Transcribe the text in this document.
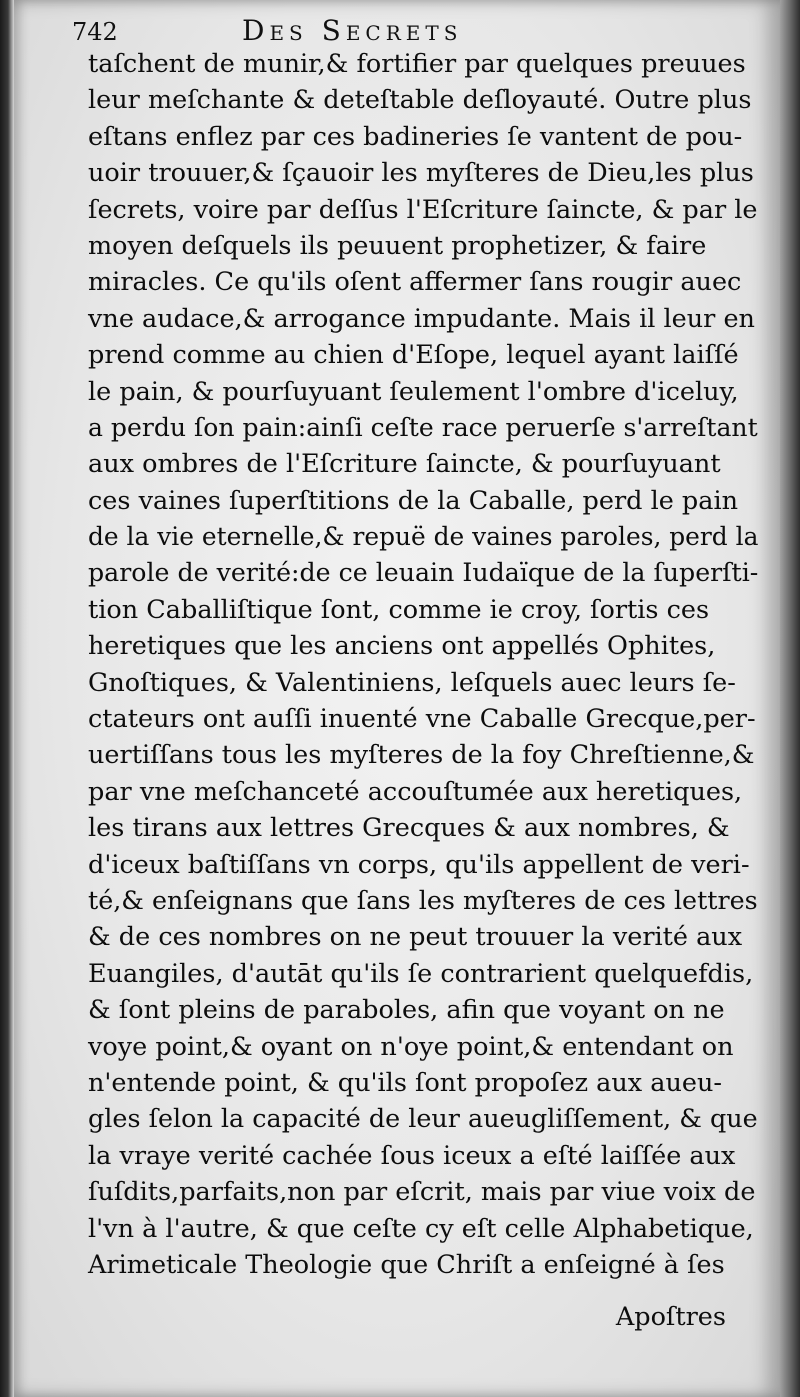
742	Des Secrets
taſchent de munir,& fortifier par quelques preuues
leur meſchante & deteſtable deſloyauté. Outre plus
eſtans enflez par ces badineries ſe vantent de pou-
uoir trouuer,& ſçauoir les myſteres de Dieu,les plus
ſecrets, voire par deſſus l'Eſcriture ſaincte, & par le
moyen deſquels ils peuuent prophetizer, & faire
miracles. Ce qu'ils oſent affermer ſans rougir auec
vne audace,& arrogance impudante. Mais il leur en
prend comme au chien d'Eſope, lequel ayant laiſſé
le pain, & pourſuyuant ſeulement l'ombre d'iceluy,
a perdu ſon pain:ainſi ceſte race peruerſe s'arreſtant
aux ombres de l'Eſcriture ſaincte, & pourſuyuant
ces vaines ſuperſtitions de la Caballe, perd le pain
de la vie eternelle,& repuë de vaines paroles, perd la
parole de verité:de ce leuain Iudaïque de la ſuperſti-
tion Caballiſtique ſont, comme ie croy, ſortis ces
heretiques que les anciens ont appellés Ophites,
Gnoſtiques, & Valentiniens, leſquels auec leurs ſe-
ctateurs ont auſſi inuenté vne Caballe Grecque,per-
uertiſſans tous les myſteres de la foy Chreſtienne,&
par vne meſchanceté accouſtumée aux heretiques,
les tirans aux lettres Grecques & aux nombres, &
d'iceux baſtiſſans vn corps, qu'ils appellent de veri-
té,& enſeignans que ſans les myſteres de ces lettres
& de ces nombres on ne peut trouuer la verité aux
Euangiles, d'autāt qu'ils ſe contrarient quelquefdis,
& ſont pleins de paraboles, afin que voyant on ne
voye point,& oyant on n'oye point,& entendant on
n'entende point, & qu'ils ſont propoſez aux aueu-
gles ſelon la capacité de leur aueugliſſement, & que
la vraye verité cachée ſous iceux a eſté laiſſée aux
ſuſdits,parfaits,non par eſcrit, mais par viue voix de
l'vn à l'autre, & que ceſte cy eſt celle Alphabetique,
Arimeticale Theologie que Chriſt a enſeigné à ſes
Apoſtres
